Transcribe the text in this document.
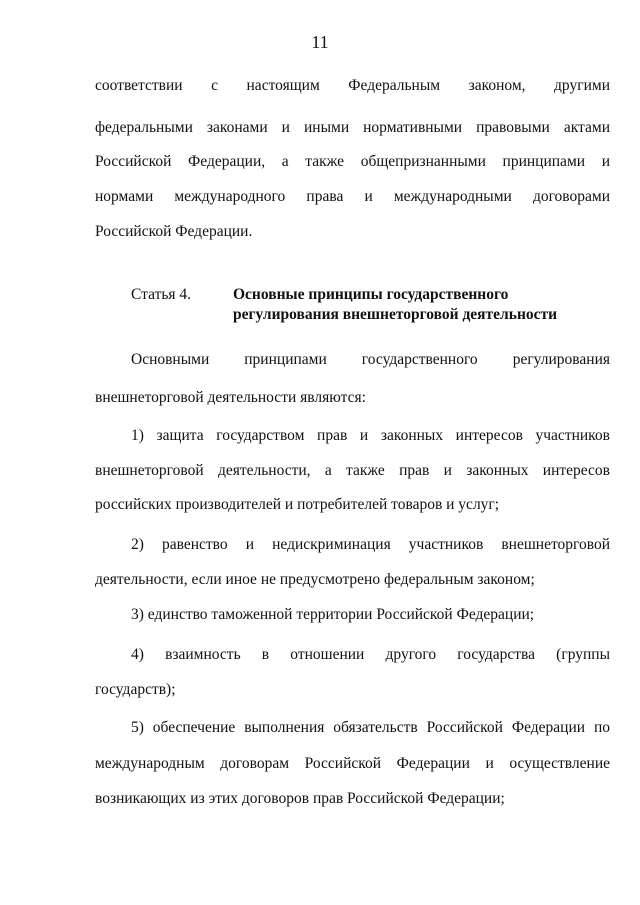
11
соответствии с настоящим Федеральным законом, другими
федеральными законами и иными нормативными правовыми актами
Российской Федерации, а также общепризнанными принципами и
нормами международного права и международными договорами
Российской Федерации.
Статья 4.	Основные принципы государственного
регулирования внешнеторговой деятельности
Основными принципами государственного регулирования
внешнеторговой деятельности являются:
1) защита государством прав и законных интересов участников
внешнеторговой деятельности, а также прав и законных интересов
российских производителей и потребителей товаров и услуг;
2) равенство и недискриминация участников внешнеторговой
деятельности, если иное не предусмотрено федеральным законом;
3) единство таможенной территории Российской Федерации;
4) взаимность в отношении другого государства (группы
государств);
5) обеспечение выполнения обязательств Российской Федерации по
международным договорам Российской Федерации и осуществление
возникающих из этих договоров прав Российской Федерации;
